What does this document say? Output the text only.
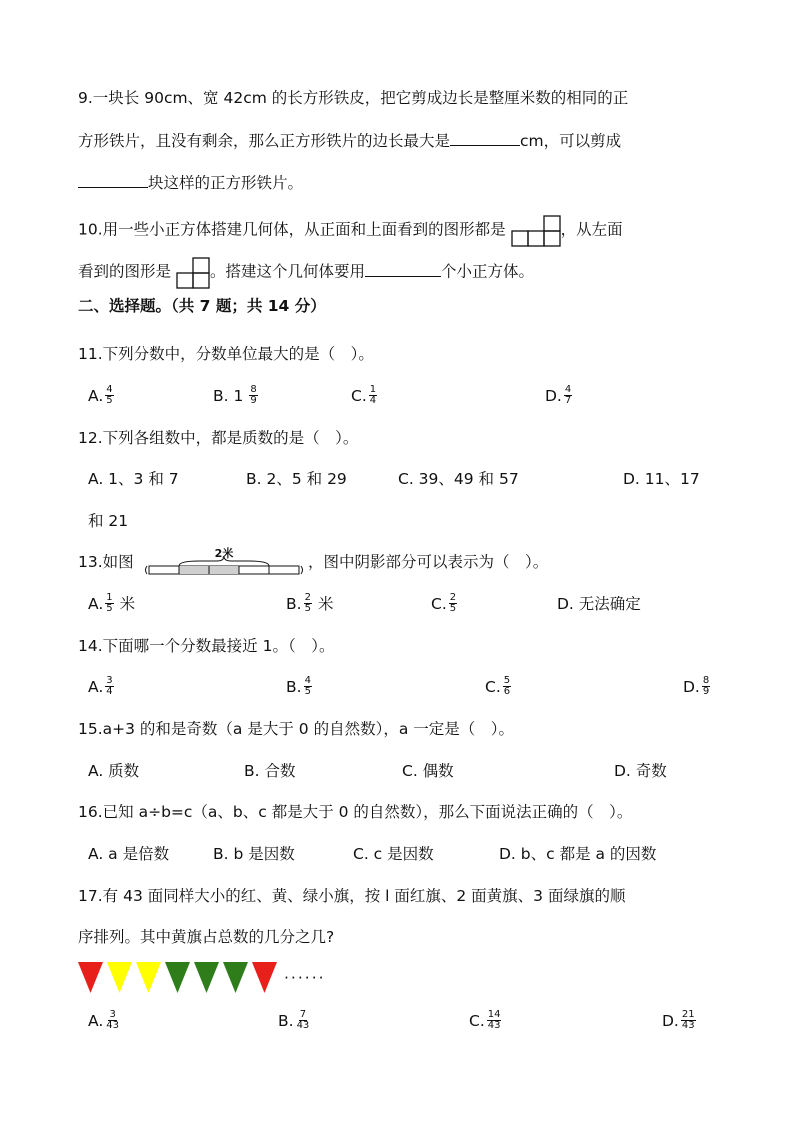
9.一块长 90cm、宽 42cm 的长方形铁皮，把它剪成边长是整厘米数的相同的正
方形铁片，且没有剩余，那么正方形铁片的边长最大是	cm，可以剪成
块这样的正方形铁片。
10.用一些小正方体搭建几何体，从正面和上面看到的图形都是	，从左面
看到的图形是	。搭建这个几何体要用	个小正方体。
二、选择题。（共 7 题；共 14 分）
11.下列分数中，分数单位最大的是（　）。
A. $\frac{4}{5}$	B. $1 \frac{8}{9}$	C. $\frac{1}{4}$	D. $\frac{4}{7}$
12.下列各组数中，都是质数的是（　）。
A. 1、3 和 7	B. 2、5 和 29	C. 39、49 和 57	D. 11、17
和 21
13.如图	2米	，图中阴影部分可以表示为（　）。
A. $\frac{1}{5}$ 米	B. $\frac{2}{5}$ 米	C. $\frac{2}{5}$	D. 无法确定
14.下面哪一个分数最接近 1。（　）。
A. $\frac{3}{4}$	B. $\frac{4}{5}$	C. $\frac{5}{6}$	D. $\frac{8}{9}$
15.a+3 的和是奇数（a 是大于 0 的自然数），a 一定是（　）。
A. 质数	B. 合数	C. 偶数	D. 奇数
16.已知 a÷b=c（a、b、c 都是大于 0 的自然数），那么下面说法正确的（　）。
A. a 是倍数	B. b 是因数	C. c 是因数	D. b、c 都是 a 的因数
17.有 43 面同样大小的红、黄、绿小旗，按 l 面红旗、2 面黄旗、3 面绿旗的顺
序排列。其中黄旗占总数的几分之几?
······
A. $\frac{3}{43}$	B. $\frac{7}{43}$	C. $\frac{14}{43}$	D. $\frac{21}{43}$
